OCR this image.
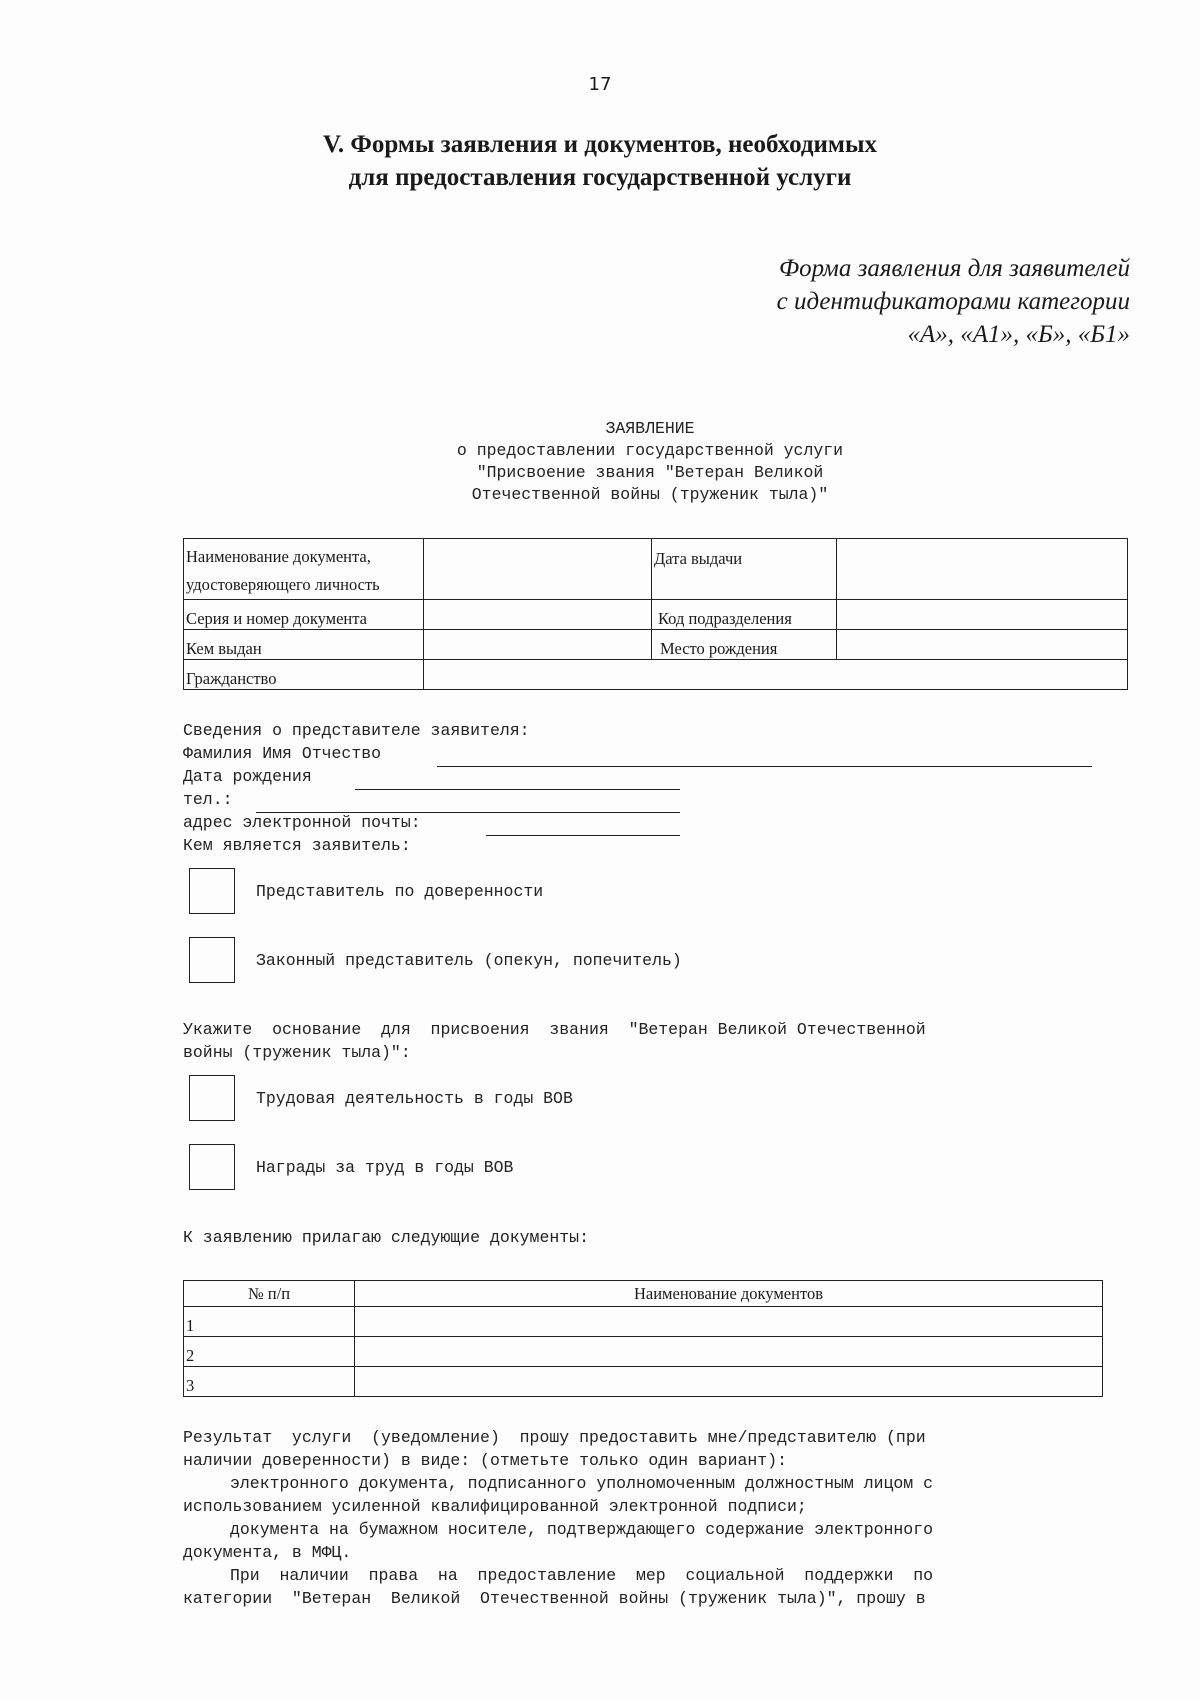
17
V. Формы заявления и документов, необходимых
для предоставления государственной услуги
Форма заявления для заявителей
с идентификаторами категории
«А», «А1», «Б», «Б1»
ЗАЯВЛЕНИЕ
о предоставлении государственной услуги
"Присвоение звания "Ветеран Великой
Отечественной войны (труженик тыла)"
Наименование документа,
удостоверяющего личность		Дата выдачи	
Серия и номер документа		Код подразделения	
Кем выдан		Место рождения	
Гражданство			
Сведения о представителе заявителя:
Фамилия Имя Отчество
Дата рождения
тел.:
адрес электронной почты:
Кем является заявитель:
Представитель по доверенности
Законный представитель (опекун, попечитель)
Укажите  основание  для  присвоения  звания  "Ветеран Великой Отечественной
войны (труженик тыла)":
Трудовая деятельность в годы ВОВ
Награды за труд в годы ВОВ
К заявлению прилагаю следующие документы:
№ п/п	Наименование документов
1	
2	
3	
Результат  услуги  (уведомление)  прошу предоставить мне/представителю (при
наличии доверенности) в виде: (отметьте только один вариант):
электронного документа, подписанного уполномоченным должностным лицом с
использованием усиленной квалифицированной электронной подписи;
документа на бумажном носителе, подтверждающего содержание электронного
документа, в МФЦ.
При  наличии  права  на  предоставление  мер  социальной  поддержки  по
категории  "Ветеран  Великой  Отечественной войны (труженик тыла)", прошу в
